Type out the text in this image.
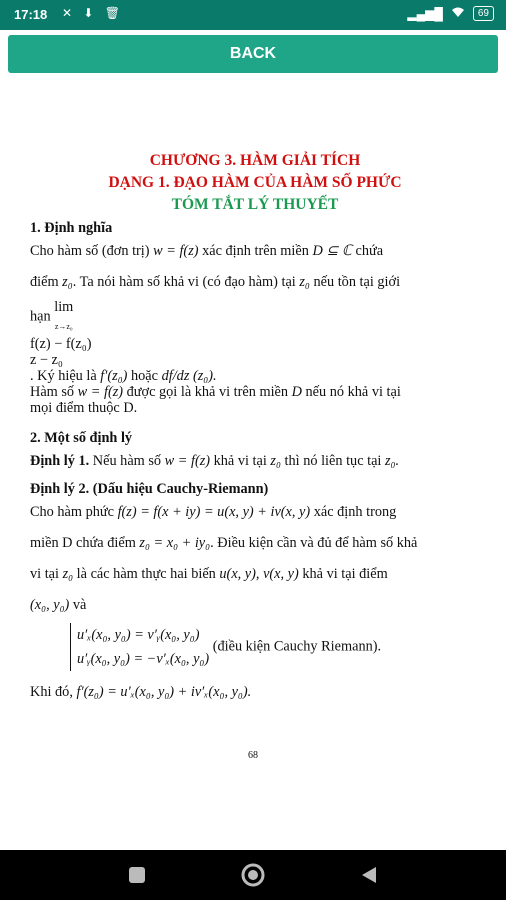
17:18 ✕ ⬇ 🗑	▂▄▆█	69
BACK
CHƯƠNG 3. HÀM GIẢI TÍCH
DẠNG 1. ĐẠO HÀM CỦA HÀM SỐ PHỨC
TÓM TẮT LÝ THUYẾT
1. Định nghĩa

Cho hàm số (đơn trị) w = f(z) xác định trên miền D ⊆ ℂ chứa
điểm z₀. Ta nói hàm số khả vi (có đạo hàm) tại z₀ nếu tồn tại giới
hạn lim
z→z₀

f(z) − f(z₀)
z − z₀
. Ký hiệu là f′(z₀) hoặc df/dz (z₀).
Hàm số w = f(z) được gọi là khả vi trên miền D nếu nó khả vi tại
mọi điểm thuộc D.

2. Một số định lý

Định lý 1. Nếu hàm số w = f(z) khả vi tại z₀ thì nó liên tục tại z₀.

Định lý 2. (Dấu hiệu Cauchy-Riemann)

Cho hàm phức f(z) = f(x + iy) = u(x, y) + iv(x, y) xác định trong
miền D chứa điểm z₀ = x₀ + iy₀. Điều kiện cần và đủ để hàm số khả
vi tại z₀ là các hàm thực hai biến u(x, y), v(x, y) khả vi tại điểm
(x₀, y₀) và

u′ₓ(x₀, y₀) = v′ᵧ(x₀, y₀)
u′ᵧ(x₀, y₀) = −v′ₓ(x₀, y₀) (điều kiện Cauchy Riemann).

Khi đó, f′(z₀) = u′ₓ(x₀, y₀) + iv′ₓ(x₀, y₀).

68
